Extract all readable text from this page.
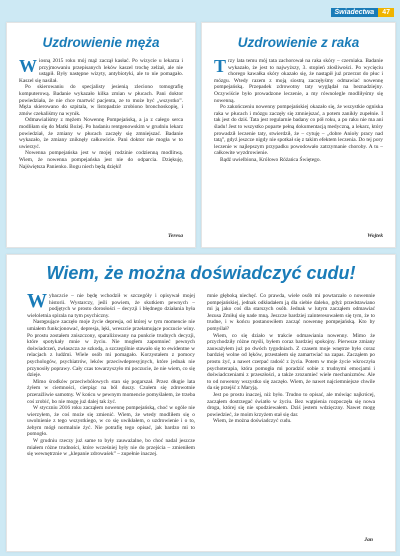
Świadectwa	47
Uzdrowienie męża

Wiosną 2015 roku mój mąż zaczął kasłać. Po wizycie u lekarza i przyjmowaniu przepisanych leków kaszel trochę zelżał, ale nie ustąpił. Były następne wizyty, antybiotyki, ale to nie pomagało. Kaszel się nasilał.

Po skierowaniu do specjalisty jesienią zleciono tomografię komputerową. Badanie wykazało kilka zmian w płucach. Pani doktor powiedziała, że nie chce martwić pacjenta, ze to może być „wszystko”. Męża skierowano do szpitala, w listopadzie zrobiono bronchoskopię, i zmów czekaliśmy na wynik.

Odmawialiśmy z mężem Nowennę Pompejańską, a ja z całego serca modliłam się do Matki Bożej. Po badaniu rentgenowskim w grudniu lekarz powiedział, że zmiany w płucach zaczęły się zmniejszać. Badanie wykazało, że zmiany zniknęły całkowicie. Pani doktor nie mogła w to uwierzyć.

Nowenna pompejańska jest w mojej rodzinie codzienną modlitwą. Wiem, że nowenna pompejańska jest nie do odparcia. Dziękuję, Najświętsza Panienko. Bogu niech będą dzięki!

Teresa
Uzdrowienie z raka

Trzy lata temu mój tata zachorował na raka skóry – czerniaka. Badanie wykazało, że jest to najwyższy, 3. stopień złośliwości. Po wycięciu chorego kawałka skóry okazało się, że nastąpił już przerzut do płuc i mózgu. Wtedy razem z moją siostrą zaczęłyśmy odmawiać nowennę pompejańską. Przepadek zdrowotny taty wyglądał na beznadziejny. Oczywiście było prowadzone leczenie, a my równolegle modliłyśmy się nowenną.

Po zakończeniu nowenny pompejańskiej okazało się, że wszystkie ogniska raka w płucach i mózgu zaczęły się zmniejszać, a potem zanikły zupełnie. I tak jest do dziś. Tata jest regularnie badany co pół roku, a po raku nie ma ani śladu! Jest to wszystko poparte pełną dokumentacją medyczną, a lekarz, który prowadził leczenie taty, stwierdził, że – cytuję – „dobre Anioły pracy nad tatą”, gdyż jeszcze nigdy nie spotkał się z takim efektem leczenia. Do tej pory leczenie w najlepszym przypadku powodowało zatrzymanie choroby. A tu – całkowite wyzdrowienie.

Bądź uwielbiona, Królowo Różańca Świętego.

Wojtek
Wiem, że można doświadczyć cudu!

Wybaczcie – nie będę wchodził w szczegóły i opisywał mojej historii. Wystarczy, jeśli powiem, że skutkiem pewnych – podjętych w prosto dorosłości – decyzji i błędnego działania była wieloletnia spirala na tym psychiczny.

Następujące zaczęło moje życie depresja, od której w tym momencie nie umiałem funkcjonować, depresja, lęki, wreszcie przełamujące poczucie winy. Po prostu zostałem zniszczony, sparaliżowany na punkcie trudnych decyzji, które spotykały mnie w życiu. Nie mogłem zapomnieć pewnych doświadczeń, zwłaszcza ze szkodą, a szczególnie stawało się to ewidentne w relacjach z ludźmi. Wiele osób mi pomagało. Korzystałem z pomocy psychologów, psychiatrów, leków przeciwdepresyjnych, które jednak nie przynosiły poprawy. Cały czas towarzyszyło mi poczucie, że nie wiem, co się dzieje.

Mimo środków przeciwbólowych stan się pogarszał. Przez długie lata żyłem w ciemności, cierpiąc na ból duszy. Czułem się zdrowotnie przeraźliwie samotny. W końcu w pewnym momencie pomyślałem, że trzeba coś zrobić, bo nie mogę już dalej tak żyć.

W styczniu 2016 roku zacząłem nowennę pompejańską, choć w ogóle nie wierzyłem, że coś może się zmienić. Wiem, że wtedy modliłem się o uwolnienie z tego wszystkiego, w co się uwikłałem, o uzdrowienie i o to, żebym mógł normalnie żyć. Nie potrafię tego opisać, jak bardzo mi to pomogło.

W grudniu rzeczy już same to były zauważalne, bo choć nadal jeszcze miałem różne trudności, które wcześniej były nie do przejścia – zmieniłem się wewnętrznie w „klepanie zdrowaśek” – zupełnie inaczej.

mnie głęboką niechęć. Co prawda, wiele osób mi powtarzało o nowennie pompejańskiej, jednak odkładałem ją dla siebie daleko, gdyż przedstawiano mi ją jako coś dla starszych osób. Jednak w lutym zacząłem odmawiać Jezusa Zmiłuj się nade mną. Jeszcze bardziej zainteresowałem się tym, że to trudne, i w końcu postanowiłem zacząć nowennę pompejańską. Kto by pomyślał?

Wiem, co się działo w trakcie odmawiania nowenny. Mimo że przychodziły różne myśli, byłem coraz bardziej spokojny. Pierwsze zmiany zauważyłem już po dwóch tygodniach. Z czasem moje wnętrze było coraz bardziej wolne od lęków, przestałem się zamartwiać na zapas. Zacząłem po prostu żyć, a nawet czerpać radość z życia. Potem w moje życie wkroczyła psychoterapia, która pomogła mi poradzić sobie z trudnymi emocjami i doświadczeniami z przeszłości, a także zrozumieć wiele mechanizmów. Ale to od nowenny wszystko się zaczęło. Wiem, że nawet najciemniejsze chwile da się przejść z Maryją.

Jest po prostu inaczej, niż było. Trudno to opisać, ale mówiąc najkrócej, zacząłem dostrzegać światło w życiu. Bez wątpienia rozpoczęła się nowa droga, której się nie spodziewałem. Dziś jestem wdzięczny. Nawet mogę powiedzieć, że moim krzyżem stał się dar.

Wiem, że można doświadczyć cudu.

Jan
